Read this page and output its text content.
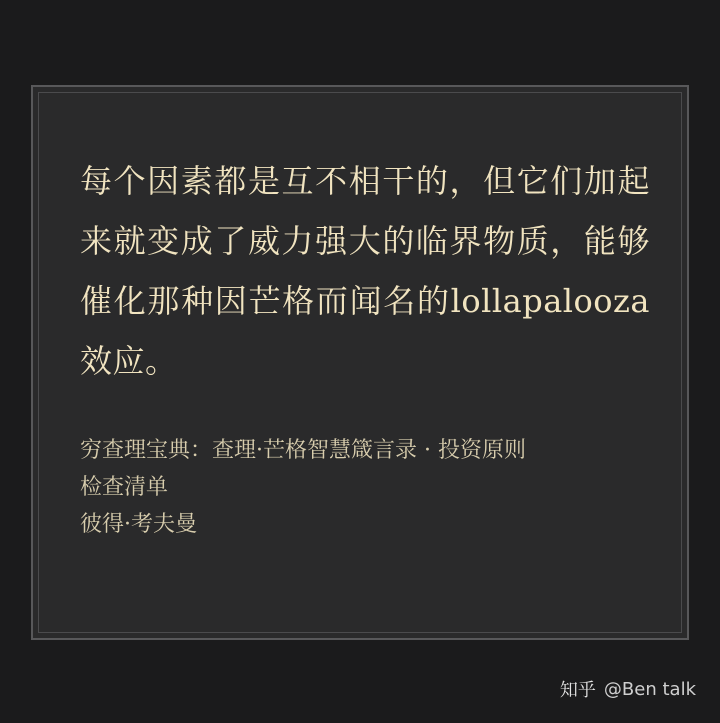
每个因素都是互不相干的，但它们加起来就变成了威力强大的临界物质，能够催化那种因芒格而闻名的lollapalooza效应。

穷查理宝典：查理·芒格智慧箴言录 · 投资原则
检查清单
彼得·考夫曼
知乎 @Ben talk
